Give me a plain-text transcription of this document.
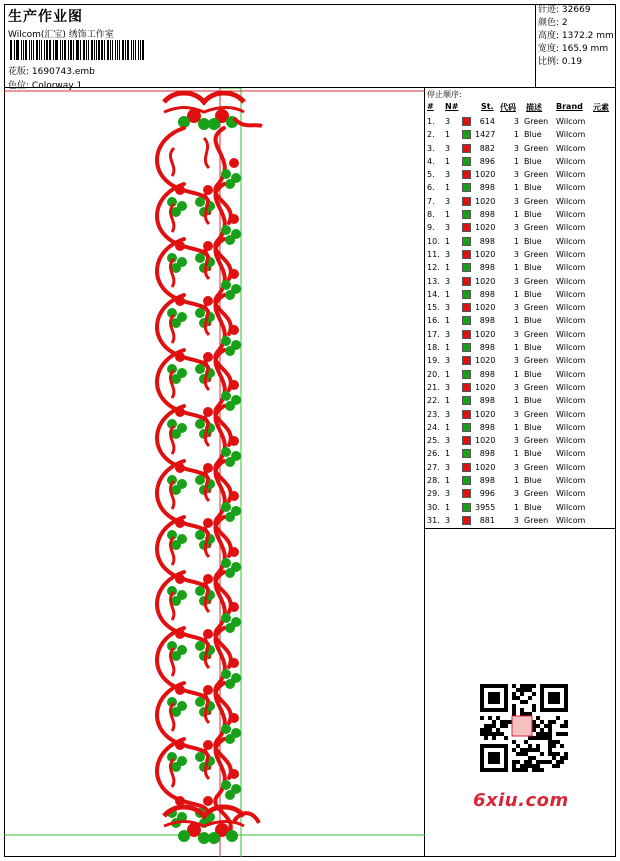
生产作业图
Wilcom(汇宝) 绣饰工作室
花版: 1690743.emb
色位: Colorway 1
针迹: 32669
颜色: 2
高度: 1372.2 mm
宽度: 165.9 mm
比例: 0.19
停止顺序:
# N#	St. 代码 描述 Brand 元素
1. 3	614	3 Green Wilcom
2. 1	1427	1 Blue Wilcom
3. 3	882	3 Green Wilcom
4. 1	896	1 Blue Wilcom
5. 3	1020	3 Green Wilcom
6. 1	898	1 Blue Wilcom
7. 3	1020	3 Green Wilcom
8. 1	898	1 Blue Wilcom
9. 3	1020	3 Green Wilcom
10. 1	898	1 Blue Wilcom
11. 3	1020	3 Green Wilcom
12. 1	898	1 Blue Wilcom
13. 3	1020	3 Green Wilcom
14. 1	898	1 Blue Wilcom
15. 3	1020	3 Green Wilcom
16. 1	898	1 Blue Wilcom
17. 3	1020	3 Green Wilcom
18. 1	898	1 Blue Wilcom
19. 3	1020	3 Green Wilcom
20. 1	898	1 Blue Wilcom
21. 3	1020	3 Green Wilcom
22. 1	898	1 Blue Wilcom
23. 3	1020	3 Green Wilcom
24. 1	898	1 Blue Wilcom
25. 3	1020	3 Green Wilcom
26. 1	898	1 Blue Wilcom
27. 3	1020	3 Green Wilcom
28. 1	898	1 Blue Wilcom
29. 3	996	3 Green Wilcom
30. 1	3955	1 Blue Wilcom
31. 3	881	3 Green Wilcom
6xiu.com
